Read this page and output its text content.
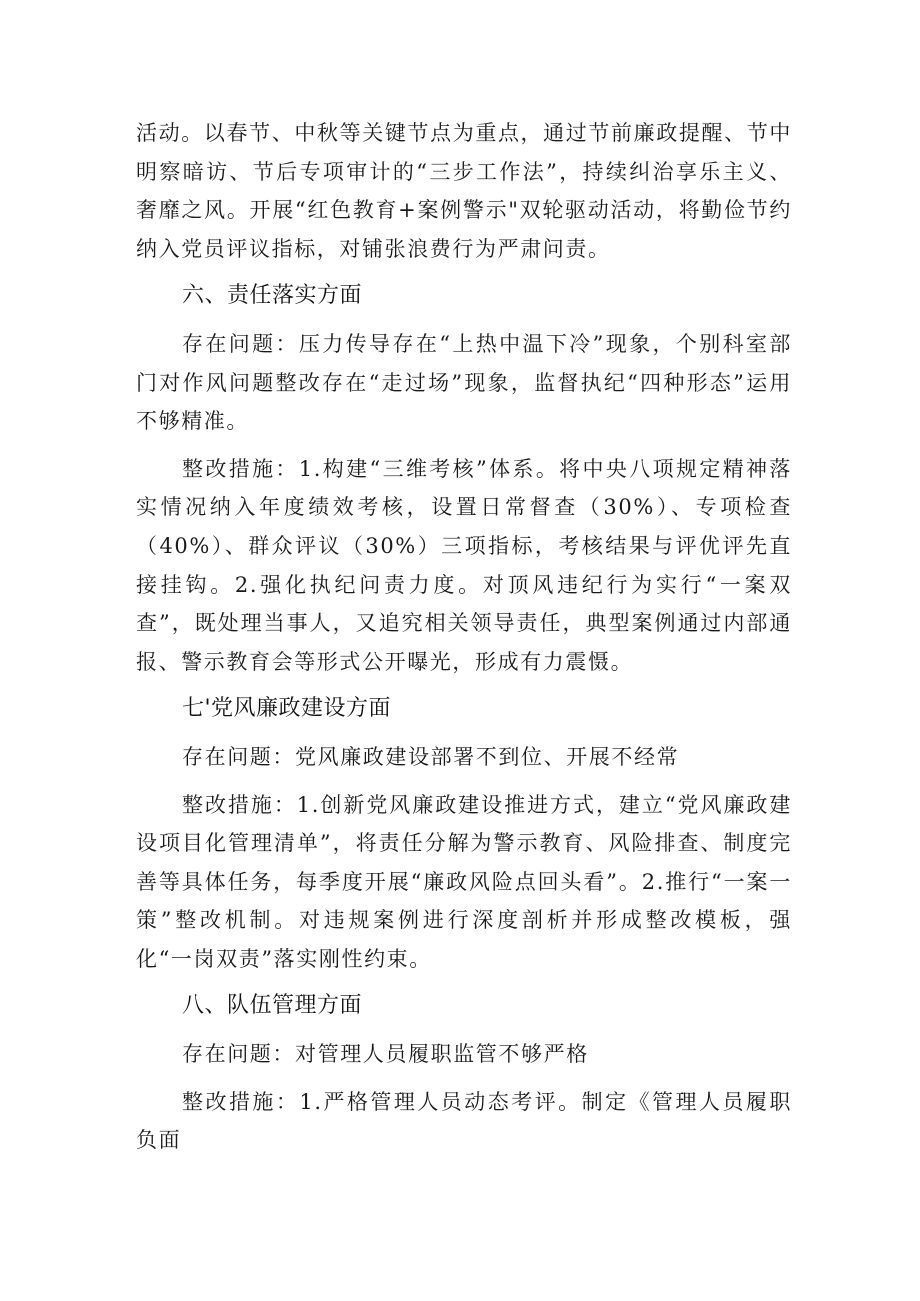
活动。以春节、中秋等关键节点为重点，通过节前廉政提醒、节中明察暗访、节后专项审计的“三步工作法”，持续纠治享乐主义、奢靡之风。开展“红色教育+案例警示"双轮驱动活动，将勤俭节约纳入党员评议指标，对铺张浪费行为严肃问责。

六、责任落实方面

存在问题：压力传导存在“上热中温下冷”现象，个别科室部门对作风问题整改存在“走过场”现象，监督执纪“四种形态”运用不够精准。

整改措施：1.构建“三维考核”体系。将中央八项规定精神落实情况纳入年度绩效考核，设置日常督查（30%）、专项检查（40%）、群众评议（30%）三项指标，考核结果与评优评先直接挂钩。2.强化执纪问责力度。对顶风违纪行为实行“一案双查”，既处理当事人，又追究相关领导责任，典型案例通过内部通报、警示教育会等形式公开曝光，形成有力震慑。

七'党风廉政建设方面

存在问题：党风廉政建设部署不到位、开展不经常

整改措施：1.创新党风廉政建设推进方式，建立“党风廉政建设项目化管理清单”，将责任分解为警示教育、风险排查、制度完善等具体任务，每季度开展“廉政风险点回头看”。2.推行“一案一策”整改机制。对违规案例进行深度剖析并形成整改模板，强化“一岗双责”落实刚性约束。

八、队伍管理方面

存在问题：对管理人员履职监管不够严格

整改措施：1.严格管理人员动态考评。制定《管理人员履职负面
